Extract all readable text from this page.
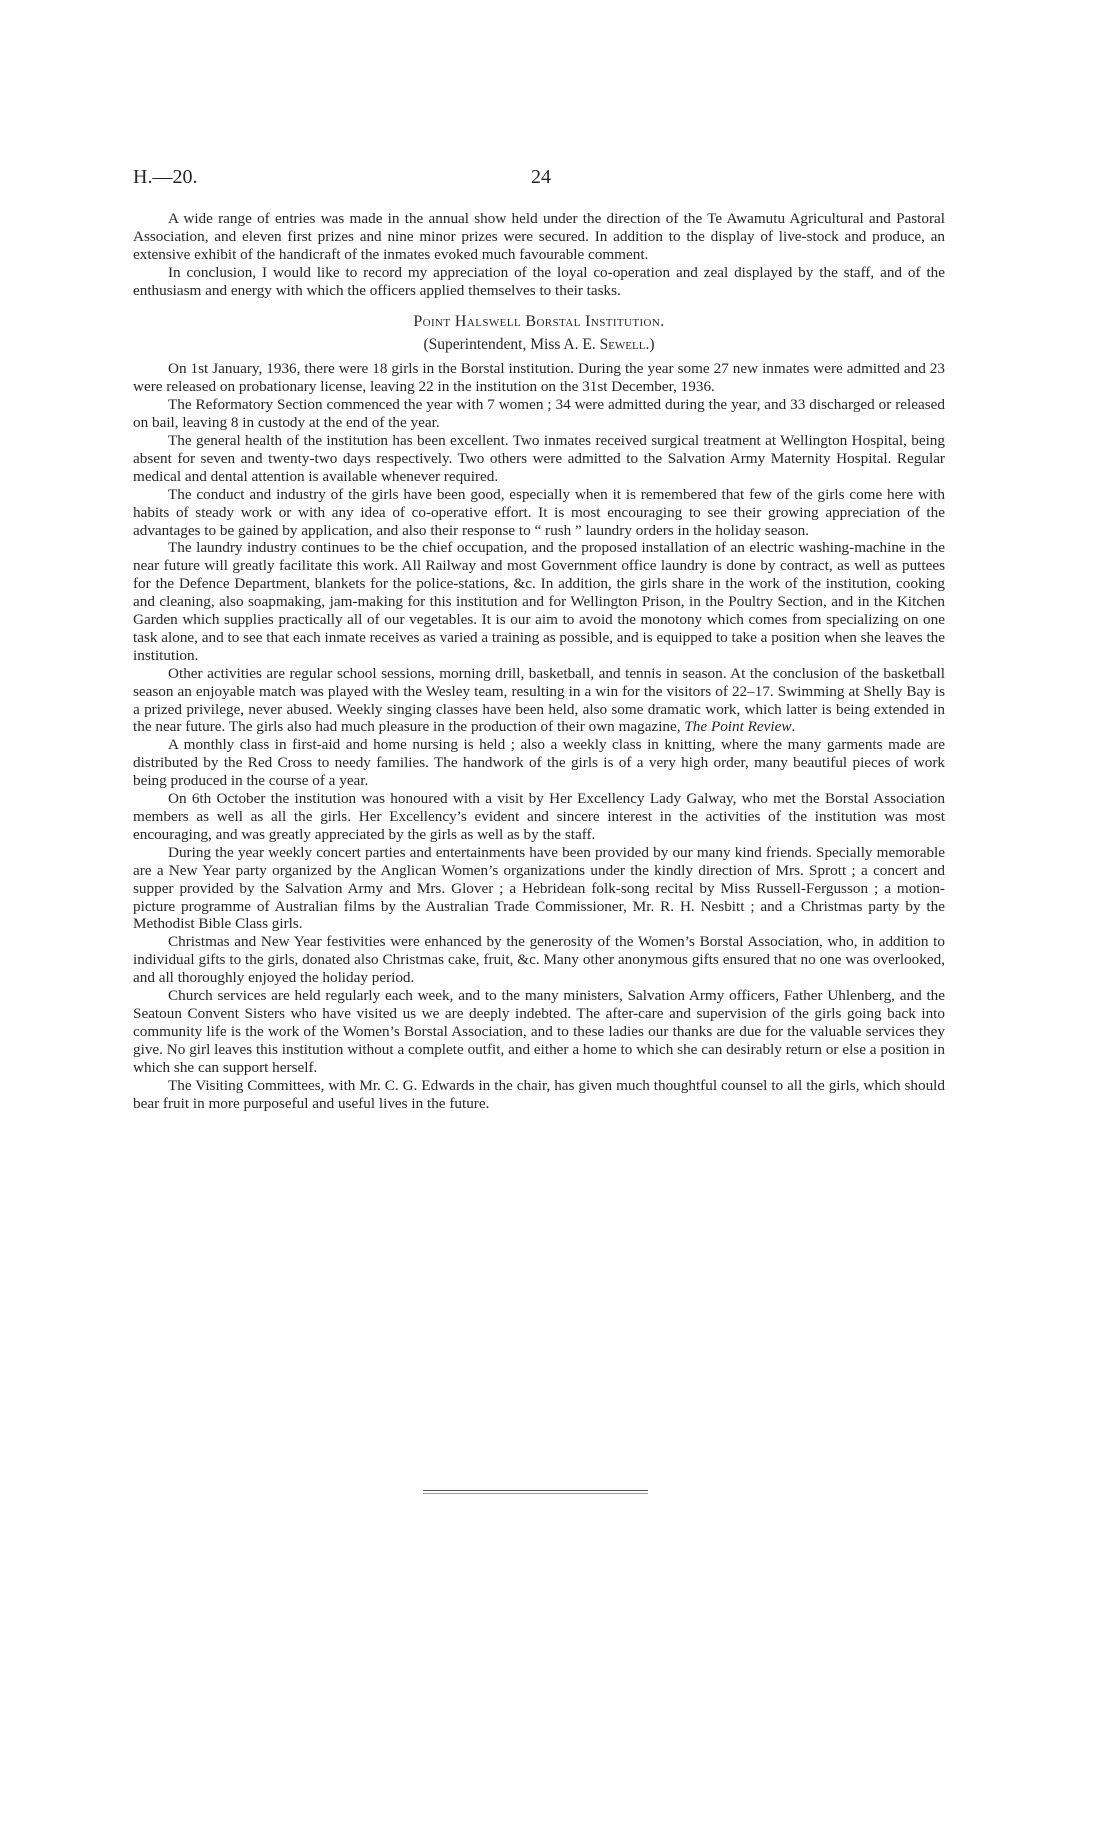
H.—20.	24

A wide range of entries was made in the annual show held under the direction of the Te Awamutu Agricultural and Pastoral Association, and eleven first prizes and nine minor prizes were secured. In addition to the display of live-stock and produce, an extensive exhibit of the handicraft of the inmates evoked much favourable comment.

In conclusion, I would like to record my appreciation of the loyal co-operation and zeal displayed by the staff, and of the enthusiasm and energy with which the officers applied themselves to their tasks.

Point Halswell Borstal Institution.

(Superintendent, Miss A. E. Sewell.)

On 1st January, 1936, there were 18 girls in the Borstal institution. During the year some 27 new inmates were admitted and 23 were released on probationary license, leaving 22 in the institution on the 31st December, 1936.

The Reformatory Section commenced the year with 7 women ; 34 were admitted during the year, and 33 discharged or released on bail, leaving 8 in custody at the end of the year.

The general health of the institution has been excellent. Two inmates received surgical treatment at Wellington Hospital, being absent for seven and twenty-two days respectively. Two others were admitted to the Salvation Army Maternity Hospital. Regular medical and dental attention is available whenever required.

The conduct and industry of the girls have been good, especially when it is remembered that few of the girls come here with habits of steady work or with any idea of co-operative effort. It is most encouraging to see their growing appreciation of the advantages to be gained by application, and also their response to “ rush ” laundry orders in the holiday season.

The laundry industry continues to be the chief occupation, and the proposed installation of an electric washing-machine in the near future will greatly facilitate this work. All Railway and most Government office laundry is done by contract, as well as puttees for the Defence Department, blankets for the police-stations, &c. In addition, the girls share in the work of the institution, cooking and cleaning, also soapmaking, jam-making for this institution and for Wellington Prison, in the Poultry Section, and in the Kitchen Garden which supplies practically all of our vegetables. It is our aim to avoid the monotony which comes from specializing on one task alone, and to see that each inmate receives as varied a training as possible, and is equipped to take a position when she leaves the institution.

Other activities are regular school sessions, morning drill, basketball, and tennis in season. At the conclusion of the basketball season an enjoyable match was played with the Wesley team, resulting in a win for the visitors of 22–17. Swimming at Shelly Bay is a prized privilege, never abused. Weekly singing classes have been held, also some dramatic work, which latter is being extended in the near future. The girls also had much pleasure in the production of their own magazine, The Point Review.

A monthly class in first-aid and home nursing is held ; also a weekly class in knitting, where the many garments made are distributed by the Red Cross to needy families. The handwork of the girls is of a very high order, many beautiful pieces of work being produced in the course of a year.

On 6th October the institution was honoured with a visit by Her Excellency Lady Galway, who met the Borstal Association members as well as all the girls. Her Excellency’s evident and sincere interest in the activities of the institution was most encouraging, and was greatly appreciated by the girls as well as by the staff.

During the year weekly concert parties and entertainments have been provided by our many kind friends. Specially memorable are a New Year party organized by the Anglican Women’s organizations under the kindly direction of Mrs. Sprott ; a concert and supper provided by the Salvation Army and Mrs. Glover ; a Hebridean folk-song recital by Miss Russell-Fergusson ; a motion-picture programme of Australian films by the Australian Trade Commissioner, Mr. R. H. Nesbitt ; and a Christmas party by the Methodist Bible Class girls.

Christmas and New Year festivities were enhanced by the generosity of the Women’s Borstal Association, who, in addition to individual gifts to the girls, donated also Christmas cake, fruit, &c. Many other anonymous gifts ensured that no one was overlooked, and all thoroughly enjoyed the holiday period.

Church services are held regularly each week, and to the many ministers, Salvation Army officers, Father Uhlenberg, and the Seatoun Convent Sisters who have visited us we are deeply indebted. The after-care and supervision of the girls going back into community life is the work of the Women’s Borstal Association, and to these ladies our thanks are due for the valuable services they give. No girl leaves this institution without a complete outfit, and either a home to which she can desirably return or else a position in which she can support herself.

The Visiting Committees, with Mr. C. G. Edwards in the chair, has given much thoughtful counsel to all the girls, which should bear fruit in more purposeful and useful lives in the future.
